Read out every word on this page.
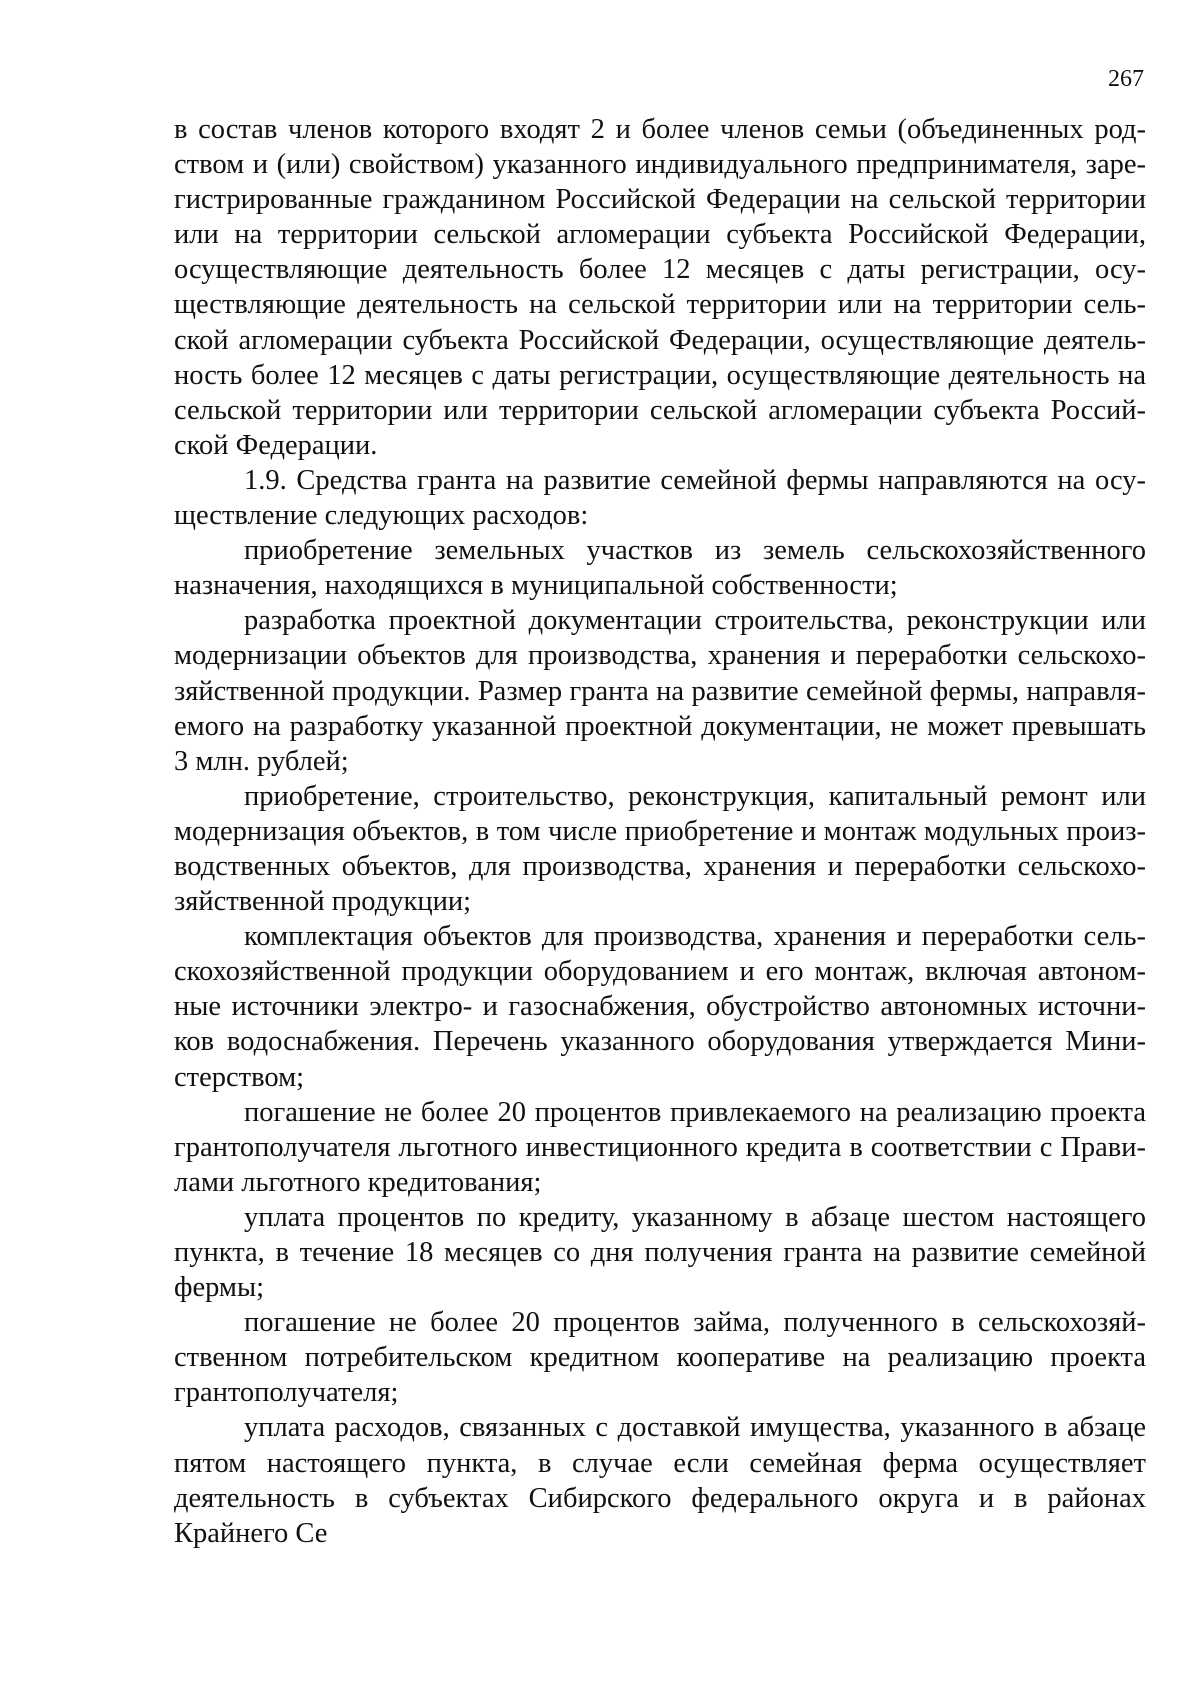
267

в состав членов которого входят 2 и более членов семьи (объединенных родством и (или) свойством) указанного индивидуального предпринимателя, зарегистрированные гражданином Российской Федерации на сельской территории или на территории сельской агломерации субъекта Российской Федерации, осуществляющие деятельность более 12 месяцев с даты регистрации, осуществляющие деятельность на сельской территории или на территории сельской агломерации субъекта Российской Федерации, осуществляющие деятельность более 12 месяцев с даты регистрации, осуществляющие деятельность на сельской территории или территории сельской агломерации субъекта Российской Федерации.

1.9. Средства гранта на развитие семейной фермы направляются на осуществление следующих расходов:

приобретение земельных участков из земель сельскохозяйственного назначения, находящихся в муниципальной собственности;

разработка проектной документации строительства, реконструкции или модернизации объектов для производства, хранения и переработки сельскохозяйственной продукции. Размер гранта на развитие семейной фермы, направляемого на разработку указанной проектной документации, не может превышать 3 млн. рублей;

приобретение, строительство, реконструкция, капитальный ремонт или модернизация объектов, в том числе приобретение и монтаж модульных производственных объектов, для производства, хранения и переработки сельскохозяйственной продукции;

комплектация объектов для производства, хранения и переработки сельскохозяйственной продукции оборудованием и его монтаж, включая автономные источники электро- и газоснабжения, обустройство автономных источников водоснабжения. Перечень указанного оборудования утверждается Министерством;

погашение не более 20 процентов привлекаемого на реализацию проекта грантополучателя льготного инвестиционного кредита в соответствии с Правилами льготного кредитования;

уплата процентов по кредиту, указанному в абзаце шестом настоящего пункта, в течение 18 месяцев со дня получения гранта на развитие семейной фермы;

погашение не более 20 процентов займа, полученного в сельскохозяйственном потребительском кредитном кооперативе на реализацию проекта грантополучателя;

уплата расходов, связанных с доставкой имущества, указанного в абзаце пятом настоящего пункта, в случае если семейная ферма осуществляет деятельность в субъектах Сибирского федерального округа и в районах Крайнего Се
